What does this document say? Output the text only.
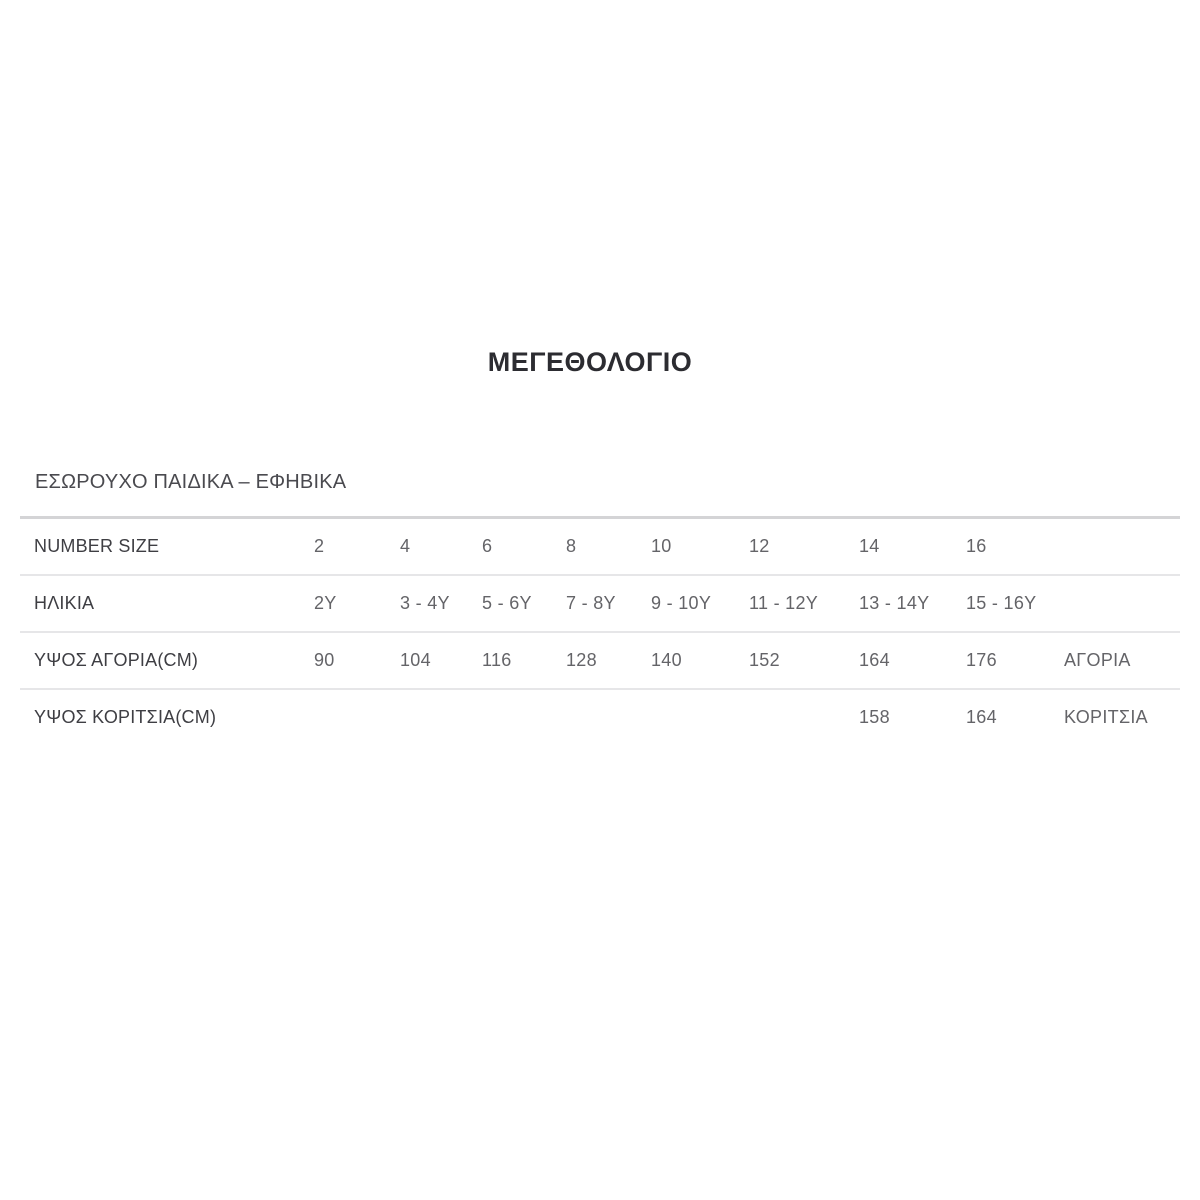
ΜΕΓΕΘΟΛΟΓΙΟ
ΕΣΩΡΟΥΧΟ ΠΑΙΔΙΚΑ – ΕΦΗΒΙΚΑ
NUMBER SIZE	2	4	6	8	10	12	14	16	
ΗΛΙΚΙΑ	2Y	3 - 4Y	5 - 6Y	7 - 8Y	9 - 10Y	11 - 12Y	13 - 14Y	15 - 16Y	
ΥΨΟΣ ΑΓΟΡΙΑ(CM)	90	104	116	128	140	152	164	176	ΑΓΟΡΙΑ
ΥΨΟΣ ΚΟΡΙΤΣΙΑ(CM)							158	164	ΚΟΡΙΤΣΙΑ
